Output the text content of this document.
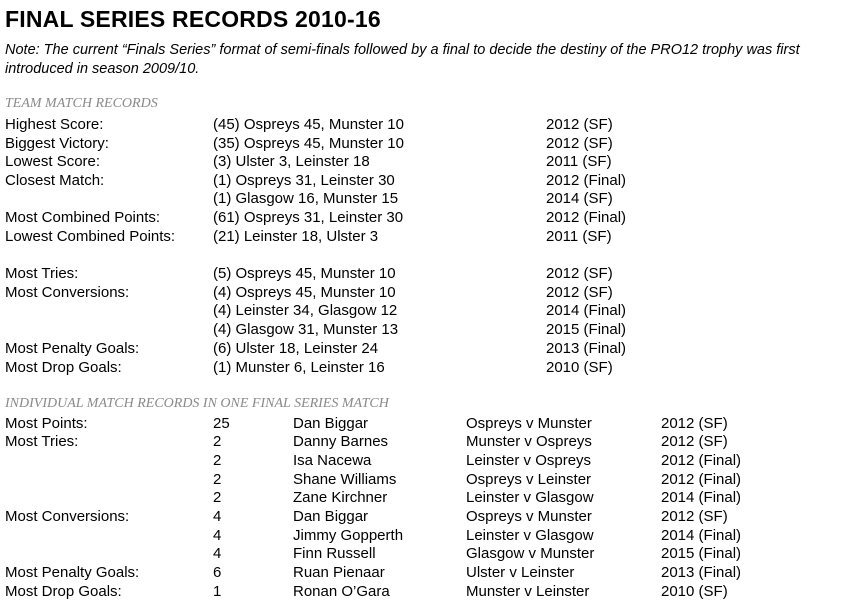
FINAL SERIES RECORDS 2010-16
Note: The current “Finals Series” format of semi-finals followed by a final to decide the destiny of the PRO12 trophy was first introduced in season 2009/10.
TEAM MATCH RECORDS
Highest Score:	(45) Ospreys 45, Munster 10	2012 (SF)
Biggest Victory:	(35) Ospreys 45, Munster 10	2012 (SF)
Lowest Score:	(3) Ulster 3, Leinster 18	2011 (SF)
Closest Match:	(1) Ospreys 31, Leinster 30	2012 (Final)
(1) Glasgow 16, Munster 15	2014 (SF)
Most Combined Points:	(61) Ospreys 31, Leinster 30	2012 (Final)
Lowest Combined Points:	(21) Leinster 18, Ulster 3	2011 (SF)
Most Tries:	(5) Ospreys 45, Munster 10	2012 (SF)
Most Conversions:	(4) Ospreys 45, Munster 10	2012 (SF)
(4) Leinster 34, Glasgow 12	2014 (Final)
(4) Glasgow 31, Munster 13	2015 (Final)
Most Penalty Goals:	(6) Ulster 18, Leinster 24	2013 (Final)
Most Drop Goals:	(1) Munster 6, Leinster 16	2010 (SF)
INDIVIDUAL MATCH RECORDS IN ONE FINAL SERIES MATCH
Most Points:	25	Dan Biggar	Ospreys v Munster	2012 (SF)
Most Tries:	2	Danny Barnes	Munster v Ospreys	2012 (SF)
2	Isa Nacewa	Leinster v Ospreys	2012 (Final)
2	Shane Williams	Ospreys v Leinster	2012 (Final)
2	Zane Kirchner	Leinster v Glasgow	2014 (Final)
Most Conversions:	4	Dan Biggar	Ospreys v Munster	2012 (SF)
4	Jimmy Gopperth	Leinster v Glasgow	2014 (Final)
4	Finn Russell	Glasgow v Munster	2015 (Final)
Most Penalty Goals:	6	Ruan Pienaar	Ulster v Leinster	2013 (Final)
Most Drop Goals:	1	Ronan O’Gara	Munster v Leinster	2010 (SF)
